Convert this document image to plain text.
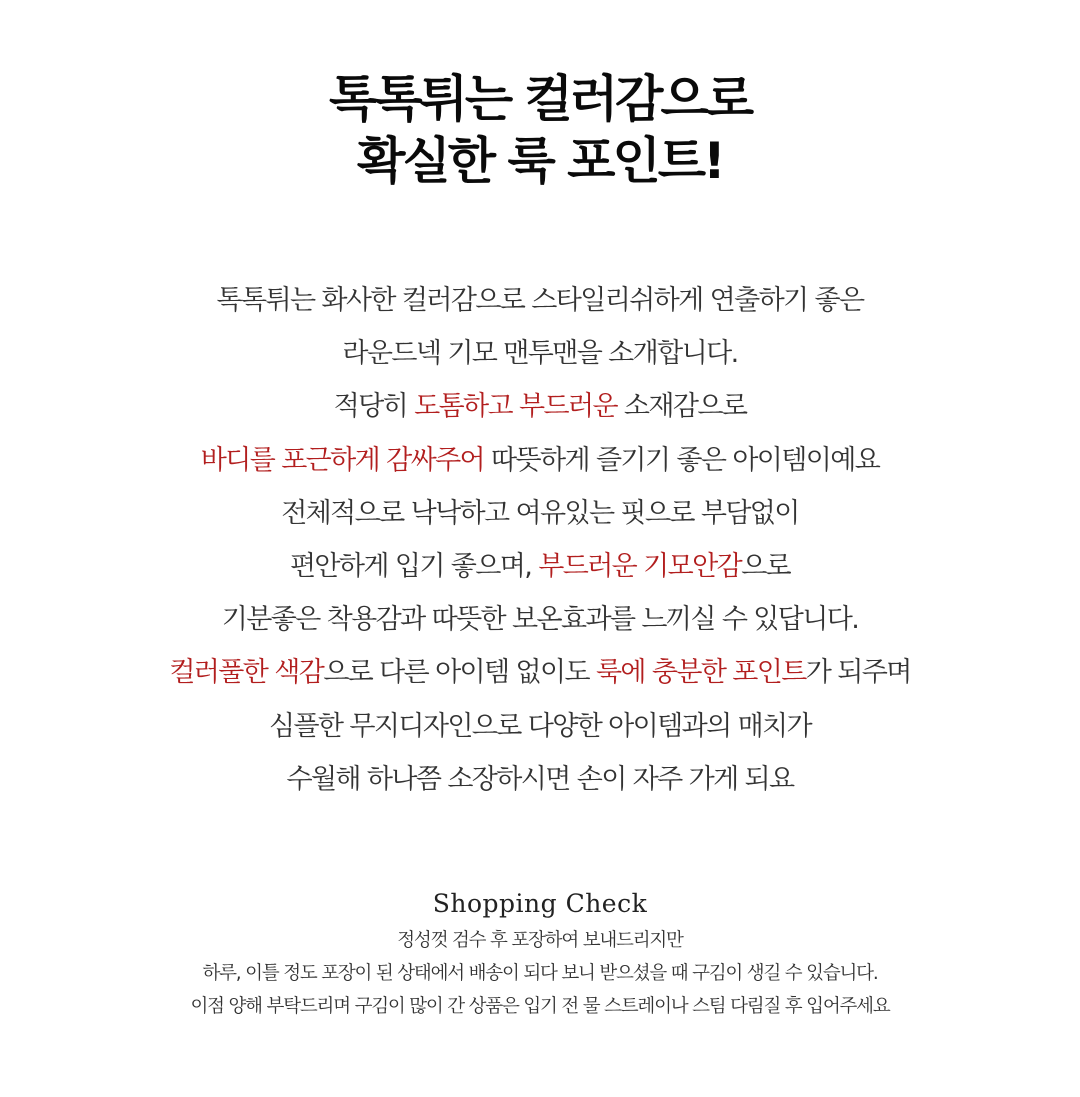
톡톡튀는 컬러감으로
확실한 룩 포인트!
톡톡튀는 화사한 컬러감으로 스타일리쉬하게 연출하기 좋은
라운드넥 기모 맨투맨을 소개합니다.
적당히 도톰하고 부드러운 소재감으로
바디를 포근하게 감싸주어 따뜻하게 즐기기 좋은 아이템이예요
전체적으로 낙낙하고 여유있는 핏으로 부담없이
편안하게 입기 좋으며, 부드러운 기모안감으로
기분좋은 착용감과 따뜻한 보온효과를 느끼실 수 있답니다.
컬러풀한 색감으로 다른 아이템 없이도 룩에 충분한 포인트가 되주며
심플한 무지디자인으로 다양한 아이템과의 매치가
수월해 하나쯤 소장하시면 손이 자주 가게 되요
Shopping Check
정성껏 검수 후 포장하여 보내드리지만
하루, 이틀 정도 포장이 된 상태에서 배송이 되다 보니 받으셨을 때 구김이 생길 수 있습니다.
이점 양해 부탁드리며 구김이 많이 간 상품은 입기 전 물 스트레이나 스팀 다림질 후 입어주세요
